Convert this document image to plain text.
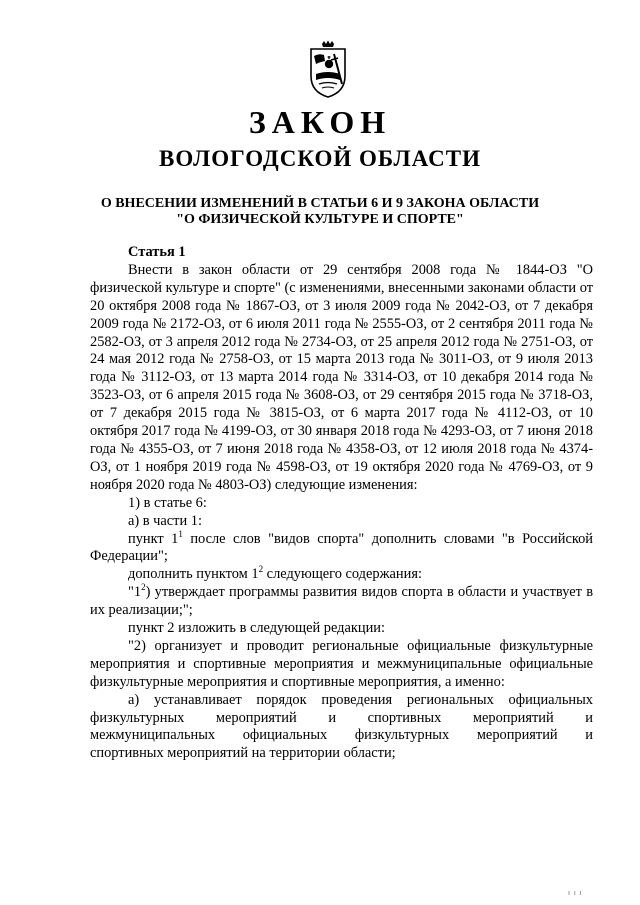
ЗАКОН
ВОЛОГОДСКОЙ ОБЛАСТИ
О ВНЕСЕНИИ ИЗМЕНЕНИЙ В СТАТЬИ 6 И 9 ЗАКОНА ОБЛАСТИ
"О ФИЗИЧЕСКОЙ КУЛЬТУРЕ И СПОРТЕ"

Статья 1

Внести в закон области от 29 сентября 2008 года № 1844-ОЗ "О физической культуре и спорте" (с изменениями, внесенными законами области от 20 октября 2008 года № 1867-ОЗ, от 3 июля 2009 года № 2042-ОЗ, от 7 декабря 2009 года № 2172-ОЗ, от 6 июля 2011 года № 2555-ОЗ, от 2 сентября 2011 года № 2582-ОЗ, от 3 апреля 2012 года № 2734-ОЗ, от 25 апреля 2012 года № 2751-ОЗ, от 24 мая 2012 года № 2758-ОЗ, от 15 марта 2013 года № 3011-ОЗ, от 9 июля 2013 года № 3112-ОЗ, от 13 марта 2014 года № 3314-ОЗ, от 10 декабря 2014 года № 3523-ОЗ, от 6 апреля 2015 года № 3608-ОЗ, от 29 сентября 2015 года № 3718-ОЗ, от 7 декабря 2015 года № 3815-ОЗ, от 6 марта 2017 года № 4112-ОЗ, от 10 октября 2017 года № 4199-ОЗ, от 30 января 2018 года № 4293-ОЗ, от 7 июня 2018 года № 4355-ОЗ, от 7 июня 2018 года № 4358-ОЗ, от 12 июля 2018 года № 4374-ОЗ, от 1 ноября 2019 года № 4598-ОЗ, от 19 октября 2020 года № 4769-ОЗ, от 9 ноября 2020 года № 4803-ОЗ) следующие изменения:

1) в статье 6:

а) в части 1:

пункт $1^1$ после слов "видов спорта" дополнить словами "в Российской Федерации";

дополнить пунктом $1^2$ следующего содержания:

"$1^2$) утверждает программы развития видов спорта в области и участвует в их реализации;";

пункт 2 изложить в следующей редакции:

"2) организует и проводит региональные официальные физкультурные мероприятия и спортивные мероприятия и межмуниципальные официальные физкультурные мероприятия и спортивные мероприятия, а именно:

а) устанавливает порядок проведения региональных официальных

физкультурных мероприятий и спортивных мероприятий и

межмуниципальных официальных физкультурных мероприятий и

спортивных мероприятий на территории области;

ı ı ı
